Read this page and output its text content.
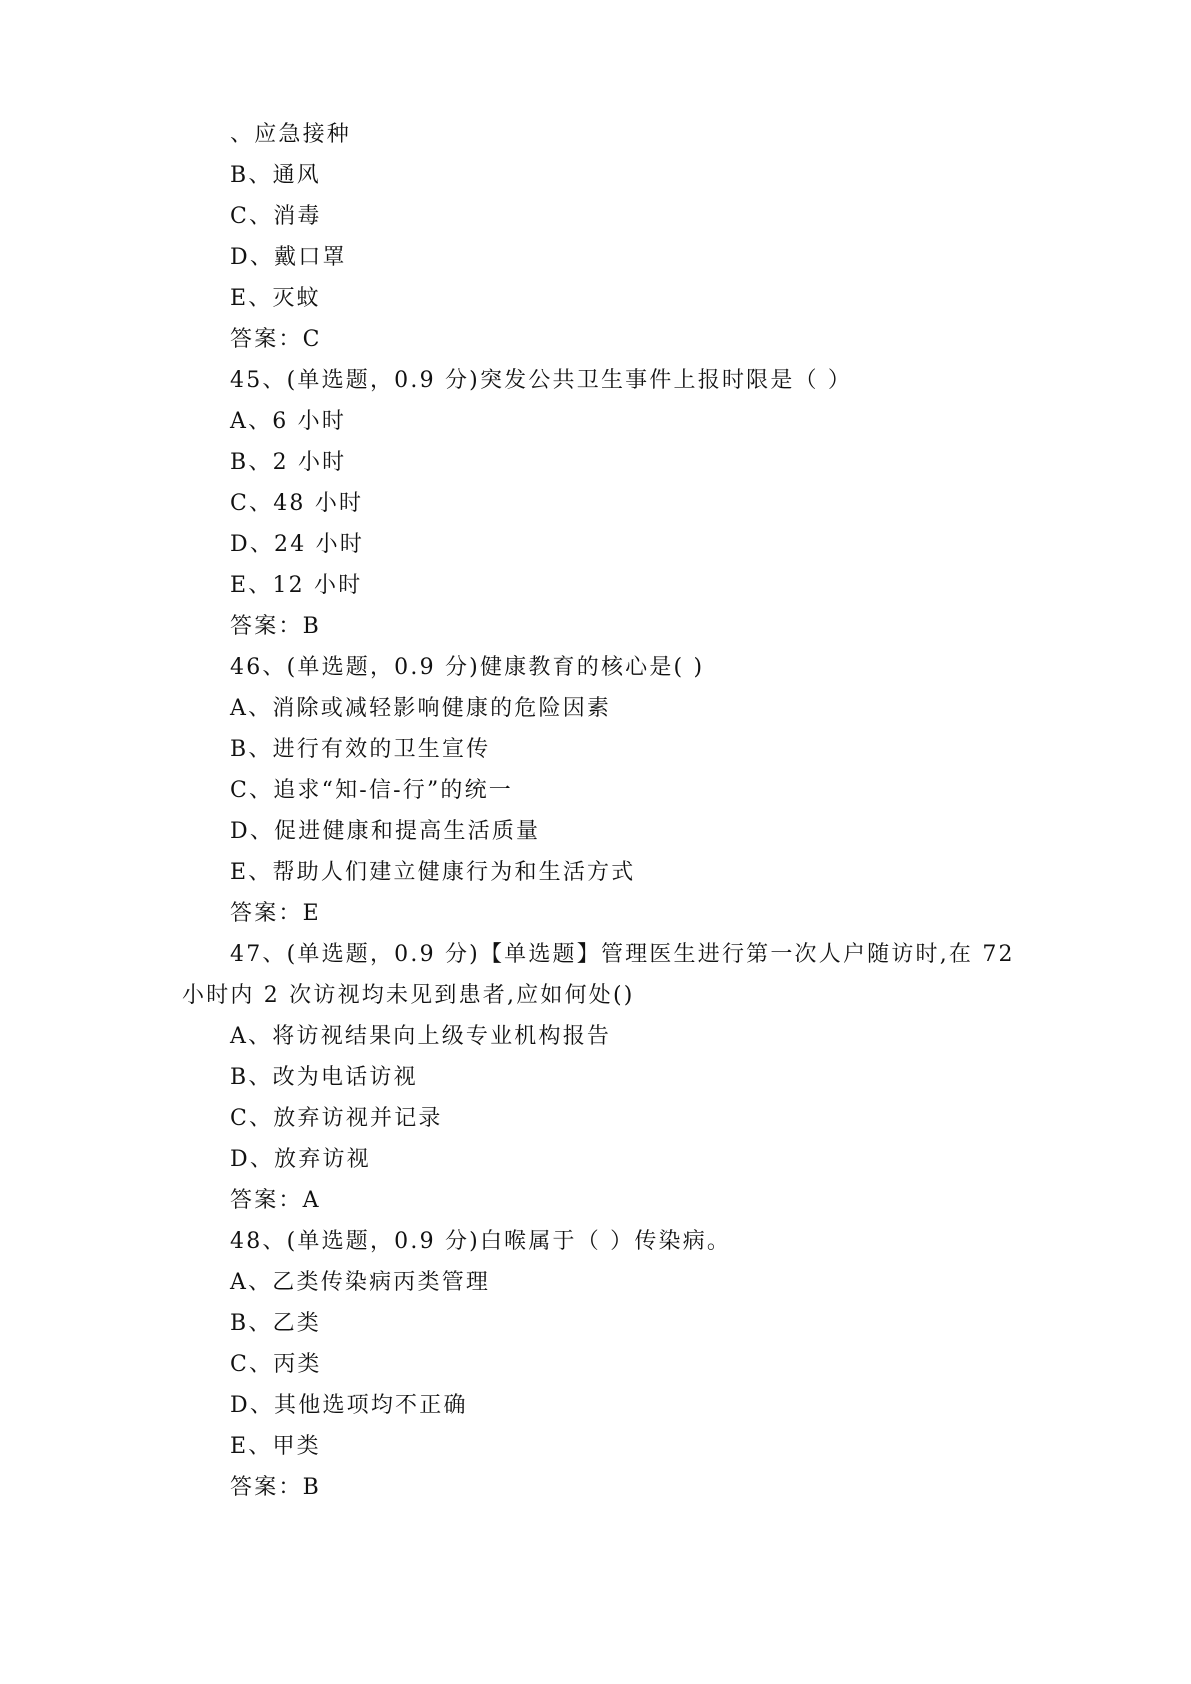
、应急接种
B、通风
C、消毒
D、戴口罩
E、灭蚊
答案：C
45、(单选题，0.9 分)突发公共卫生事件上报时限是（ ）
A、6 小时
B、2 小时
C、48 小时
D、24 小时
E、12 小时
答案：B
46、(单选题，0.9 分)健康教育的核心是( )
A、消除或减轻影响健康的危险因素
B、进行有效的卫生宣传
C、追求“知-信-行”的统一
D、促进健康和提高生活质量
E、帮助人们建立健康行为和生活方式
答案：E
47、(单选题，0.9 分)【单选题】管理医生进行第一次人户随访时,在 72
小时内 2 次访视均未见到患者,应如何处()
A、将访视结果向上级专业机构报告
B、改为电话访视
C、放弃访视并记录
D、放弃访视
答案：A
48、(单选题，0.9 分)白喉属于（ ）传染病。
A、乙类传染病丙类管理
B、乙类
C、丙类
D、其他选项均不正确
E、甲类
答案：B
